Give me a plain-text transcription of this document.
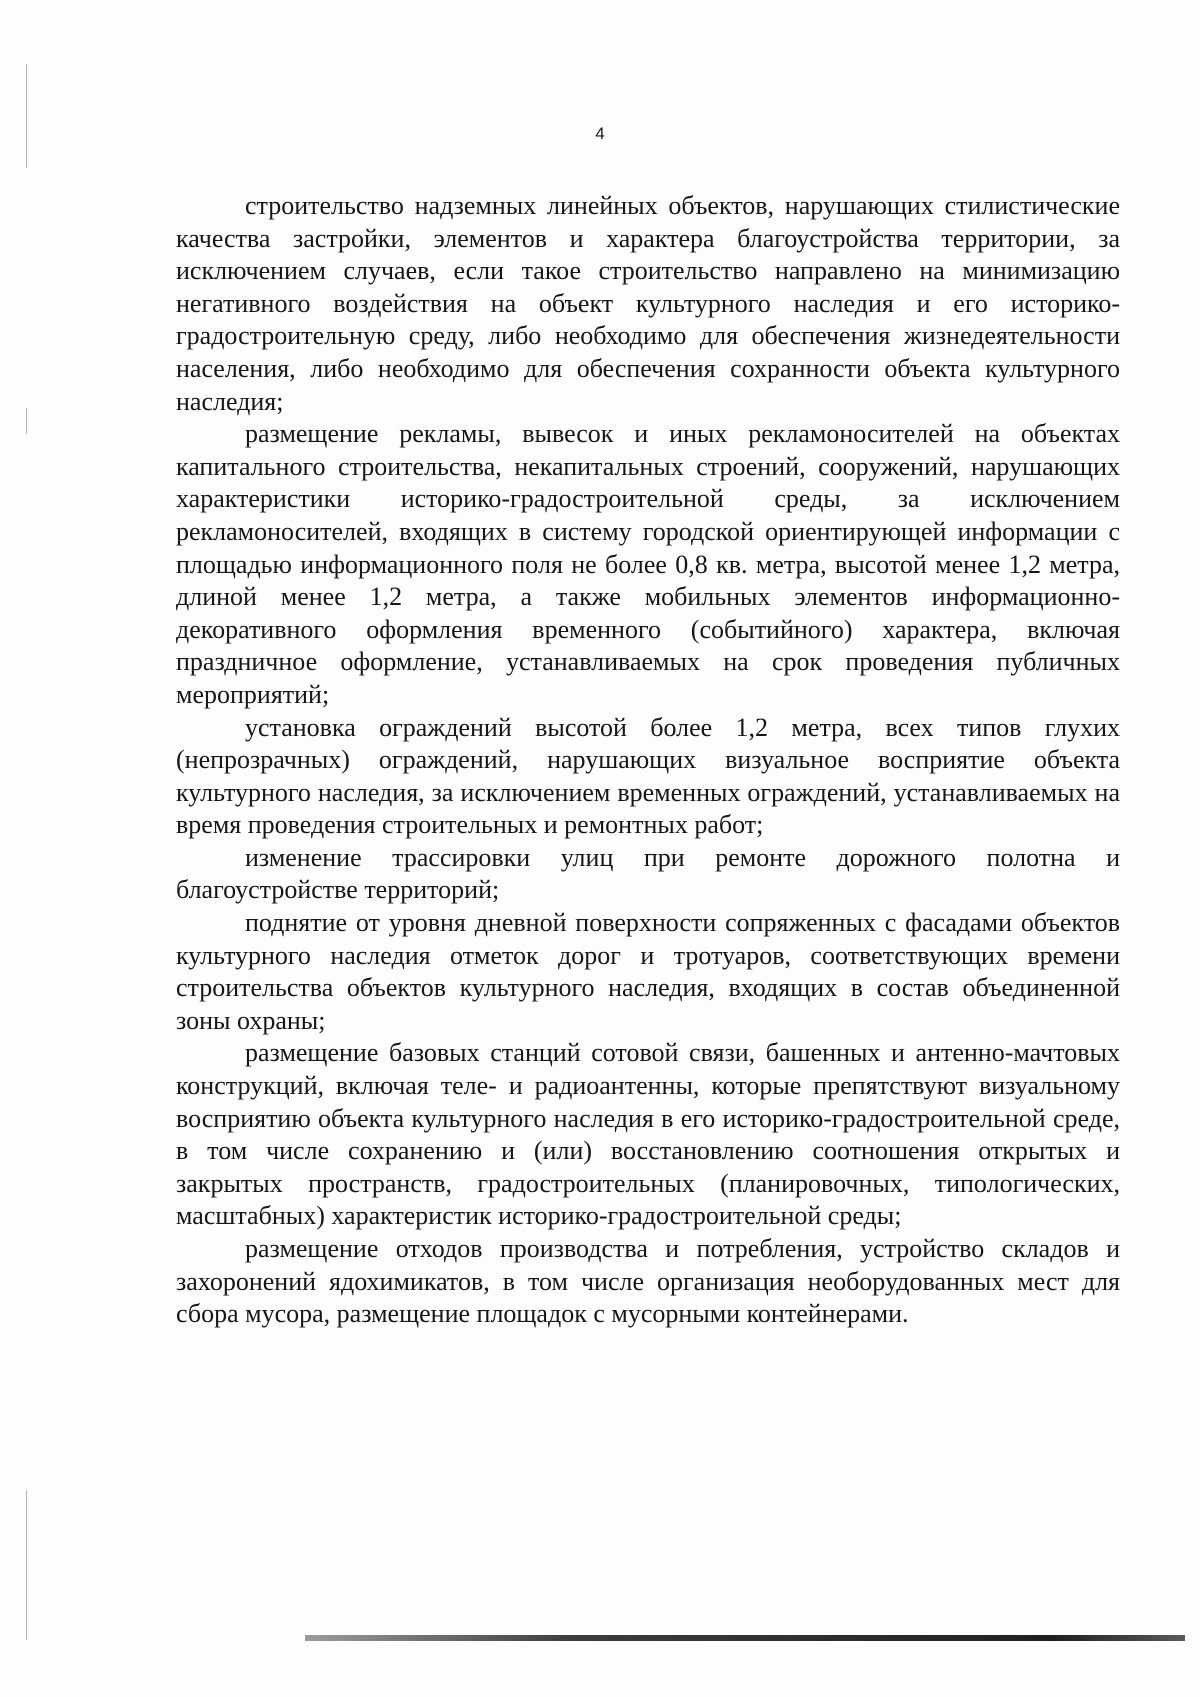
4

строительство надземных линейных объектов, нарушающих стилистические качества застройки, элементов и характера благоустройства территории, за исключением случаев, если такое строительство направлено на минимизацию негативного воздействия на объект культурного наследия и его историко-градостроительную среду, либо необходимо для обеспечения жизнедеятельности населения, либо необходимо для обеспечения сохранности объекта культурного наследия;

размещение рекламы, вывесок и иных рекламоносителей на объектах капитального строительства, некапитальных строений, сооружений, нарушающих характеристики историко-градостроительной среды, за исключением рекламоносителей, входящих в систему городской ориентирующей информации с площадью информационного поля не более 0,8 кв. метра, высотой менее 1,2 метра, длиной менее 1,2 метра, а также мобильных элементов информационно-декоративного оформления временного (событийного) характера, включая праздничное оформление, устанавливаемых на срок проведения публичных мероприятий;

установка ограждений высотой более 1,2 метра, всех типов глухих (непрозрачных) ограждений, нарушающих визуальное восприятие объекта культурного наследия, за исключением временных ограждений, устанавливаемых на время проведения строительных и ремонтных работ;

изменение трассировки улиц при ремонте дорожного полотна и благоустройстве территорий;

поднятие от уровня дневной поверхности сопряженных с фасадами объектов культурного наследия отметок дорог и тротуаров, соответствующих времени строительства объектов культурного наследия, входящих в состав объединенной зоны охраны;

размещение базовых станций сотовой связи, башенных и антенно-мачтовых конструкций, включая теле- и радиоантенны, которые препятствуют визуальному восприятию объекта культурного наследия в его историко-градостроительной среде, в том числе сохранению и (или) восстановлению соотношения открытых и закрытых пространств, градостроительных (планировочных, типологических, масштабных) характеристик историко-градостроительной среды;

размещение отходов производства и потребления, устройство складов и захоронений ядохимикатов, в том числе организация необорудованных мест для сбора мусора, размещение площадок с мусорными контейнерами.
